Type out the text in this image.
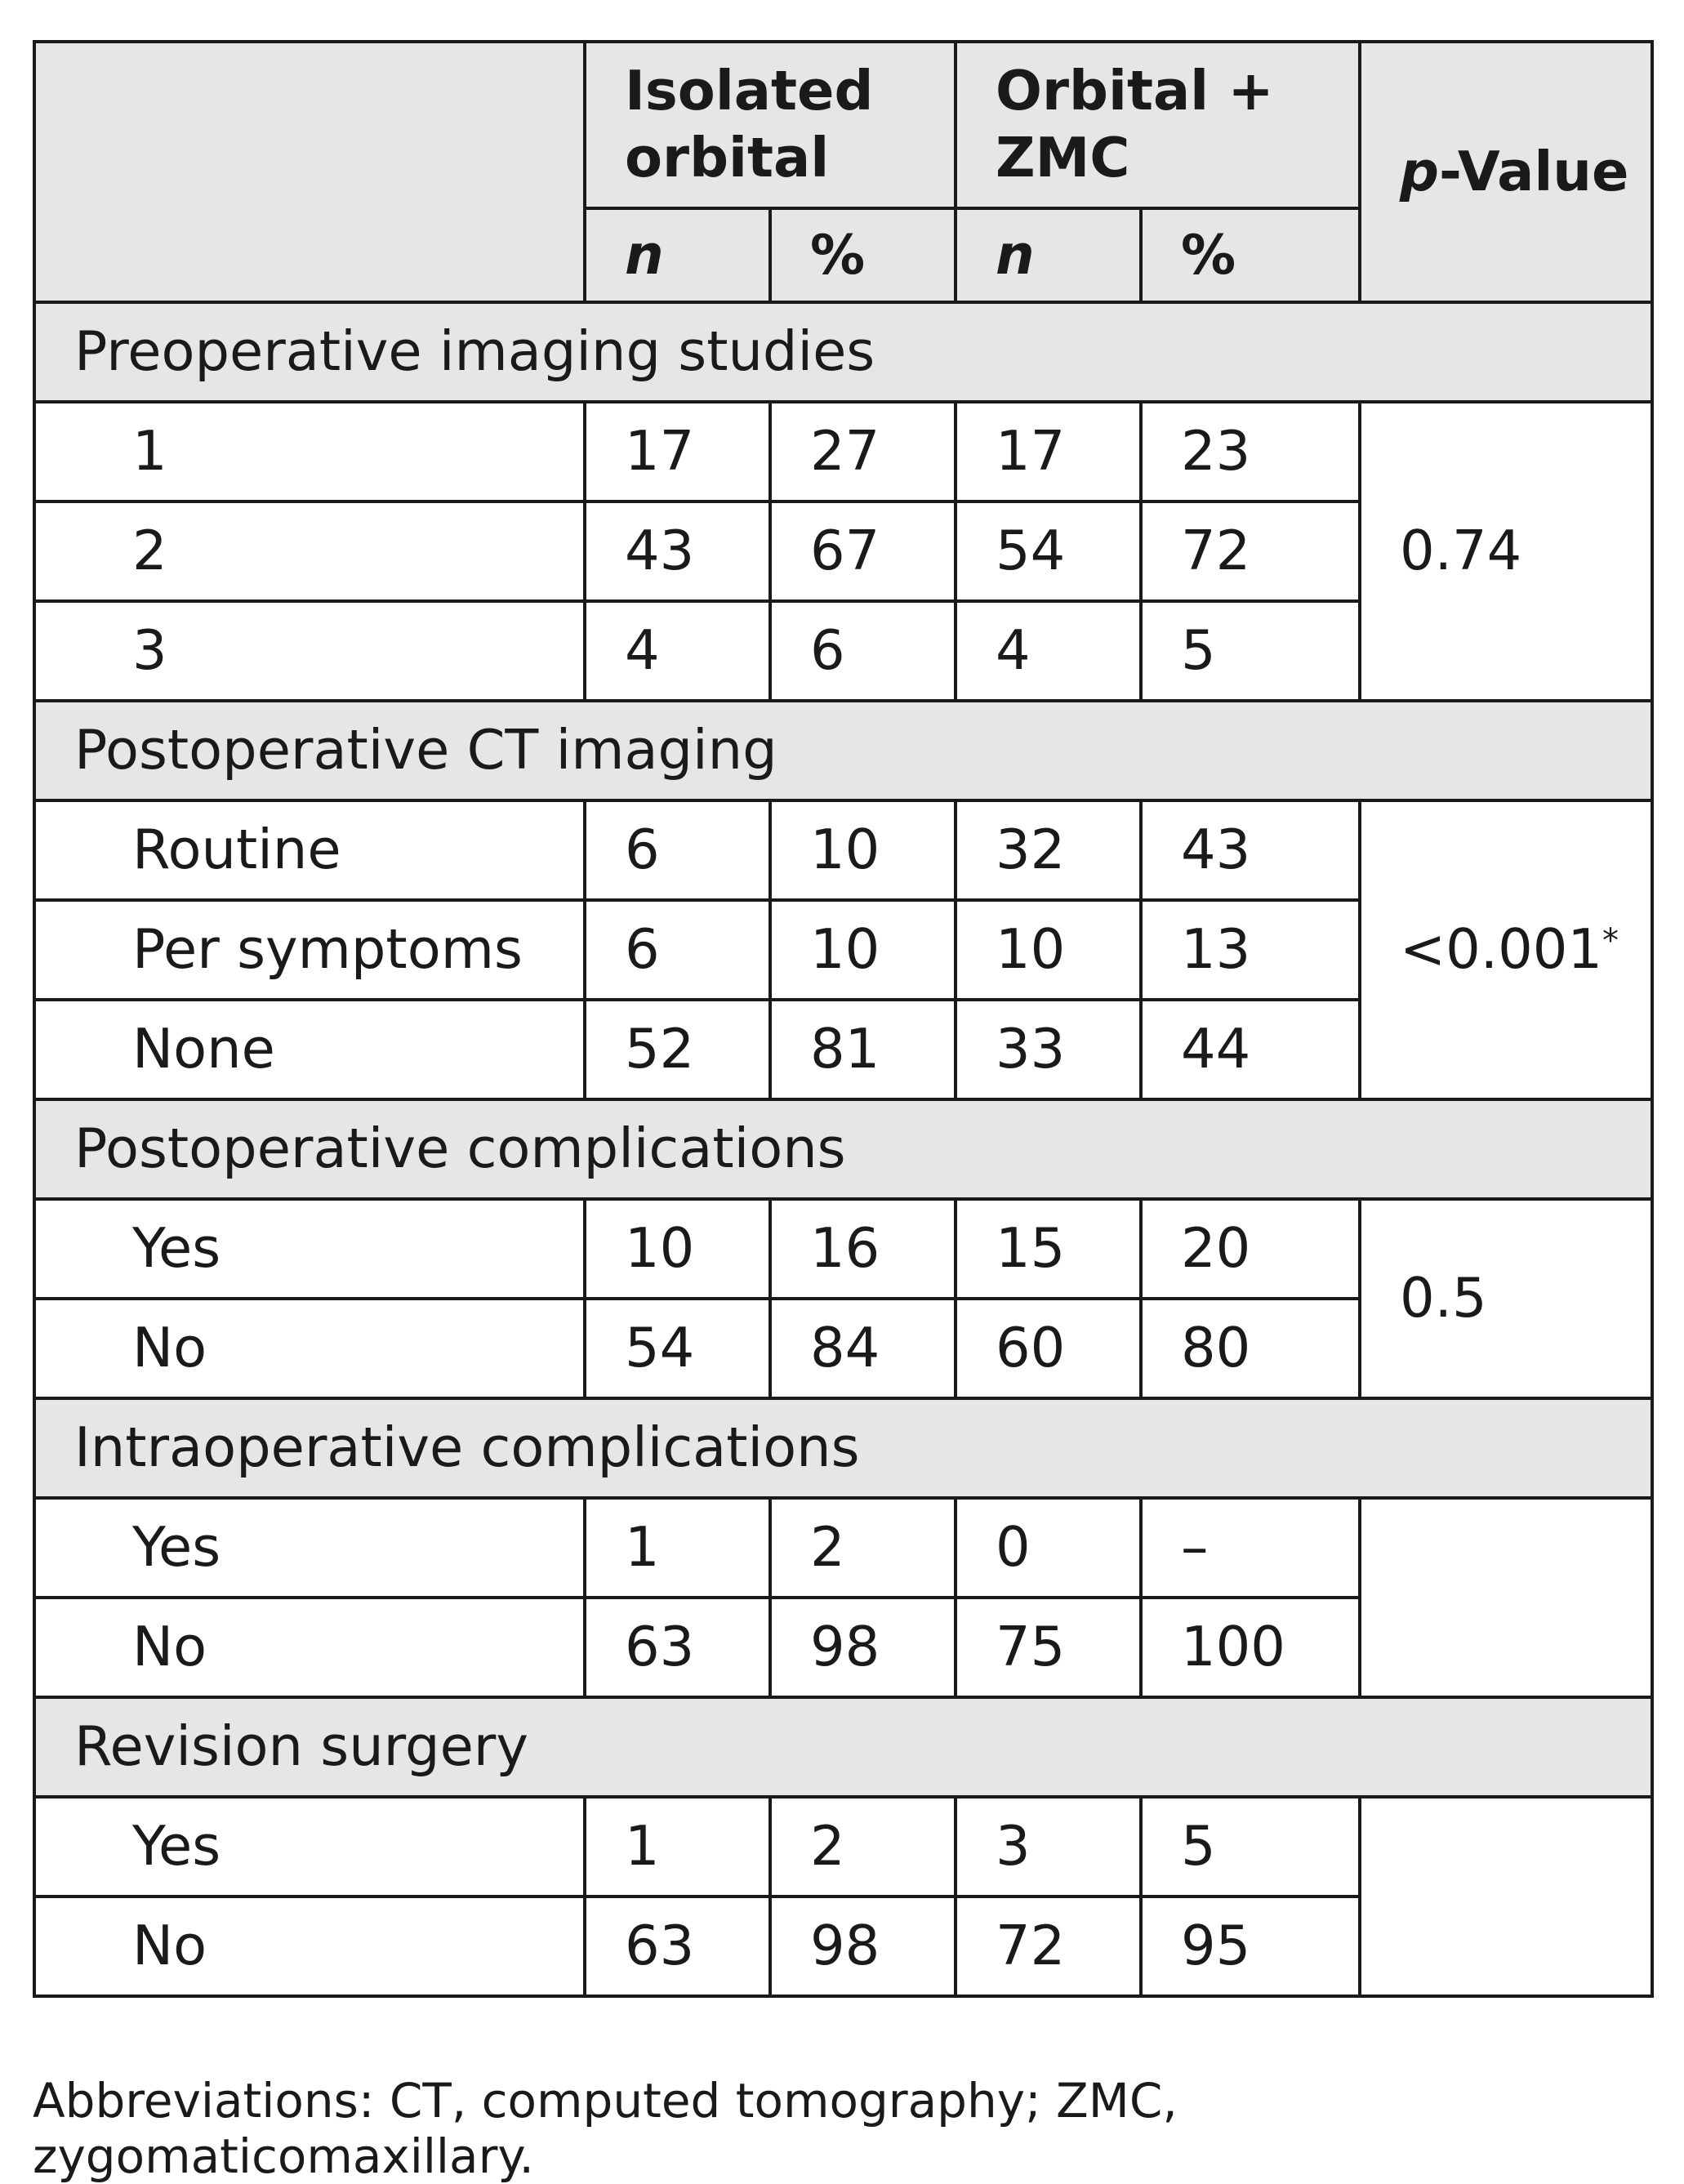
	Isolated orbital		Orbital + ZMC		p-Value
	n	%	n	%	
Preoperative imaging studies					
1	17	27	17	23	0.74
2	43	67	54	72	
3	4	6	4	5	
Postoperative CT imaging					
Routine	6	10	32	43	<0.001*
Per symptoms	6	10	10	13	
None	52	81	33	44	
Postoperative complications					
Yes	10	16	15	20	0.5
No	54	84	60	80	
Intraoperative complications					
Yes	1	2	0	–	
No	63	98	75	100	
Revision surgery					
Yes	1	2	3	5	
No	63	98	72	95	
Abbreviations: CT, computed tomography; ZMC, zygomaticomaxillary.
